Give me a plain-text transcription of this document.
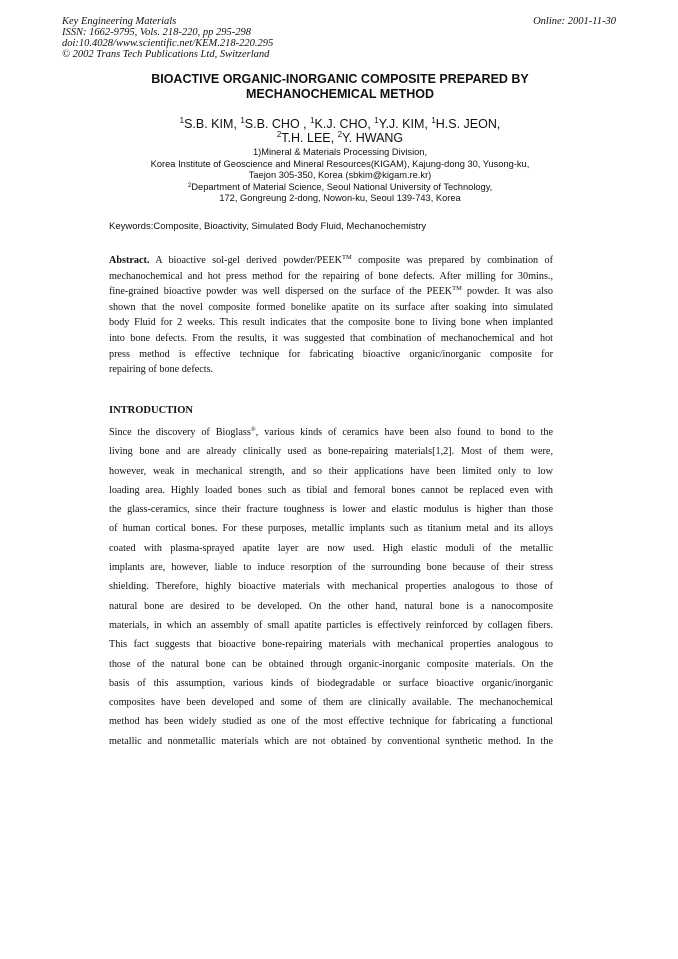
Key Engineering Materials
ISSN: 1662-9795, Vols. 218-220, pp 295-298
doi:10.4028/www.scientific.net/KEM.218-220.295
© 2002 Trans Tech Publications Ltd, Switzerland
Online: 2001-11-30
BIOACTIVE ORGANIC-INORGANIC COMPOSITE PREPARED BY
MECHANOCHEMICAL METHOD
$^1$S.B. KIM, $^1$S.B. CHO , $^1$K.J. CHO, $^1$Y.J. KIM, $^1$H.S. JEON,
$^2$T.H. LEE, $^2$Y. HWANG
1)Mineral & Materials Processing Division,
Korea Institute of Geoscience and Mineral Resources(KIGAM), Kajung-dong 30, Yusong-ku,
Taejon 305-350, Korea (sbkim@kigam.re.kr)
$^2$Department of Material Science, Seoul National University of Technology,
172, Gongreung 2-dong, Nowon-ku, Seoul 139-743, Korea
Keywords:Composite, Bioactivity, Simulated Body Fluid, Mechanochemistry
Abstract. A bioactive sol-gel derived powder/PEEK™ composite was prepared by combination of
mechanochemical and hot press method for the repairing of bone defects. After milling for 30mins.,
fine-grained bioactive powder was well dispersed on the surface of the PEEK™ powder. It was also
shown that the novel composite formed bonelike apatite on its surface after soaking into simulated
body Fluid for 2 weeks. This result indicates that the composite bone to living bone when implanted
into bone defects. From the results, it was suggested that combination of mechanochemical and hot
press method is effective technique for fabricating bioactive organic/inorganic composite for
repairing of bone defects.
INTRODUCTION
Since the discovery of Bioglass®, various kinds of ceramics have been also found to bond to the
living bone and are already clinically used as bone-repairing materials[1,2]. Most of them were,
however, weak in mechanical strength, and so their applications have been limited only to low
loading area. Highly loaded bones such as tibial and femoral bones cannot be replaced even with
the glass-ceramics, since their fracture toughness is lower and elastic modulus is higher than those
of human cortical bones. For these purposes, metallic implants such as titanium metal and its alloys
coated with plasma-sprayed apatite layer are now used. High elastic moduli of the metallic
implants are, however, liable to induce resorption of the surrounding bone because of their stress
shielding. Therefore, highly bioactive materials with mechanical properties analogous to those of
natural bone are desired to be developed. On the other hand, natural bone is a nanocomposite
materials, in which an assembly of small apatite particles is effectively reinforced by collagen fibers.
This fact suggests that bioactive bone-repairing materials with mechanical properties analogous to
those of the natural bone can be obtained through organic-inorganic composite materials. On the
basis of this assumption, various kinds of biodegradable or surface bioactive organic/inorganic
composites have been developed and some of them are clinically available. The mechanochemical
method has been widely studied as one of the most effective technique for fabricating a functional
metallic and nonmetallic materials which are not obtained by conventional synthetic method. In the
